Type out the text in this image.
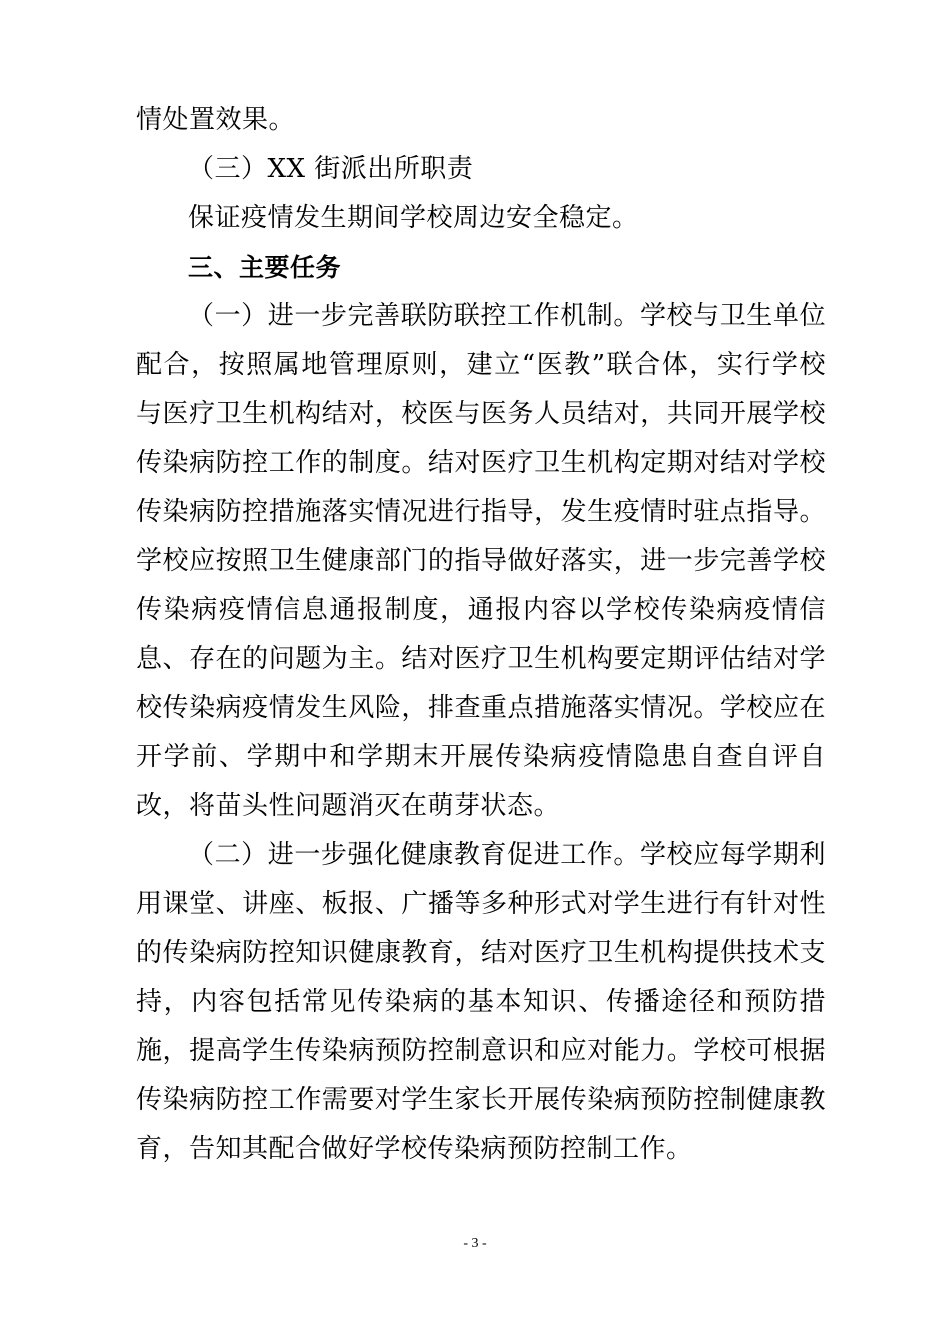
情处置效果。

（三）XX 街派出所职责

保证疫情发生期间学校周边安全稳定。

三、主要任务

（一）进一步完善联防联控工作机制。学校与卫生单位配合，按照属地管理原则，建立“医教”联合体，实行学校与医疗卫生机构结对，校医与医务人员结对，共同开展学校传染病防控工作的制度。结对医疗卫生机构定期对结对学校传染病防控措施落实情况进行指导，发生疫情时驻点指导。学校应按照卫生健康部门的指导做好落实，进一步完善学校传染病疫情信息通报制度，通报内容以学校传染病疫情信息、存在的问题为主。结对医疗卫生机构要定期评估结对学校传染病疫情发生风险，排查重点措施落实情况。学校应在开学前、学期中和学期末开展传染病疫情隐患自查自评自改，将苗头性问题消灭在萌芽状态。

（二）进一步强化健康教育促进工作。学校应每学期利用课堂、讲座、板报、广播等多种形式对学生进行有针对性的传染病防控知识健康教育，结对医疗卫生机构提供技术支持，内容包括常见传染病的基本知识、传播途径和预防措施，提高学生传染病预防控制意识和应对能力。学校可根据传染病防控工作需要对学生家长开展传染病预防控制健康教育，告知其配合做好学校传染病预防控制工作。

- 3 -
